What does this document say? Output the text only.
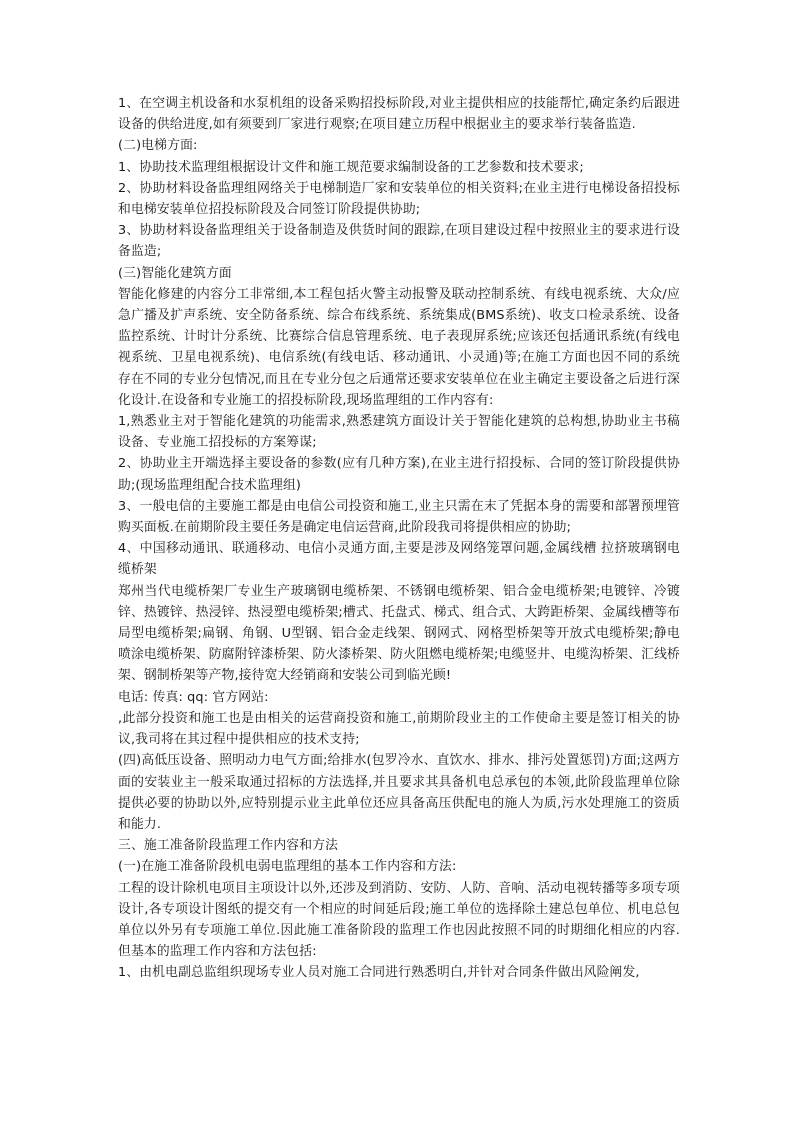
1、在空调主机设备和水泵机组的设备采购招投标阶段,对业主提供相应的技能帮忙,确定条约后跟进设备的供给进度,如有须要到厂家进行观察;在项目建立历程中根据业主的要求举行装备监造.

(二)电梯方面:

1、协助技术监理组根据设计文件和施工规范要求编制设备的工艺参数和技术要求;

2、协助材料设备监理组网络关于电梯制造厂家和安装单位的相关资料;在业主进行电梯设备招投标和电梯安装单位招投标阶段及合同签订阶段提供协助;

3、协助材料设备监理组关于设备制造及供货时间的跟踪,在项目建设过程中按照业主的要求进行设备监造;

(三)智能化建筑方面

智能化修建的内容分工非常细,本工程包括火警主动报警及联动控制系统、有线电视系统、大众/应急广播及扩声系统、安全防备系统、综合布线系统、系统集成(BMS系统)、收支口检录系统、设备监控系统、计时计分系统、比赛综合信息管理系统、电子表现屏系统;应该还包括通讯系统(有线电视系统、卫星电视系统)、电信系统(有线电话、移动通讯、小灵通)等;在施工方面也因不同的系统存在不同的专业分包情况,而且在专业分包之后通常还要求安装单位在业主确定主要设备之后进行深化设计.在设备和专业施工的招投标阶段,现场监理组的工作内容有:

1,熟悉业主对于智能化建筑的功能需求,熟悉建筑方面设计关于智能化建筑的总构想,协助业主书稿设备、专业施工招投标的方案筹谋;

2、协助业主开端选择主要设备的参数(应有几种方案),在业主进行招投标、合同的签订阶段提供协助;(现场监理组配合技术监理组)

3、一般电信的主要施工都是由电信公司投资和施工,业主只需在末了凭据本身的需要和部署预埋管购买面板.在前期阶段主要任务是确定电信运营商,此阶段我司将提供相应的协助;

4、中国移动通讯、联通移动、电信小灵通方面,主要是涉及网络笼罩问题,金属线槽 拉挤玻璃钢电缆桥架

郑州当代电缆桥架厂专业生产玻璃钢电缆桥架、不锈钢电缆桥架、铝合金电缆桥架;电镀锌、冷镀锌、热镀锌、热浸锌、热浸塑电缆桥架;槽式、托盘式、梯式、组合式、大跨距桥架、金属线槽等布局型电缆桥架;扁钢、角钢、U型钢、铝合金走线架、钢网式、网格型桥架等开放式电缆桥架;静电喷涂电缆桥架、防腐附锌漆桥架、防火漆桥架、防火阻燃电缆桥架;电缆竖井、电缆沟桥架、汇线桥架、钢制桥架等产物,接待宽大经销商和安装公司到临光顾!

电话: 传真: qq: 官方网站:

,此部分投资和施工也是由相关的运营商投资和施工,前期阶段业主的工作使命主要是签订相关的协议,我司将在其过程中提供相应的技术支持;

(四)高低压设备、照明动力电气方面;给排水(包罗冷水、直饮水、排水、排污处置惩罚)方面;这两方面的安装业主一般采取通过招标的方法选择,并且要求其具备机电总承包的本领,此阶段监理单位除提供必要的协助以外,应特别提示业主此单位还应具备高压供配电的施人为质,污水处理施工的资质和能力.

三、施工准备阶段监理工作内容和方法

(一)在施工准备阶段机电弱电监理组的基本工作内容和方法:

工程的设计除机电项目主项设计以外,还涉及到消防、安防、人防、音响、活动电视转播等多项专项设计,各专项设计图纸的提交有一个相应的时间延后段;施工单位的选择除土建总包单位、机电总包单位以外另有专项施工单位.因此施工准备阶段的监理工作也因此按照不同的时期细化相应的内容.但基本的监理工作内容和方法包括:

1、由机电副总监组织现场专业人员对施工合同进行熟悉明白,并针对合同条件做出风险阐发,
